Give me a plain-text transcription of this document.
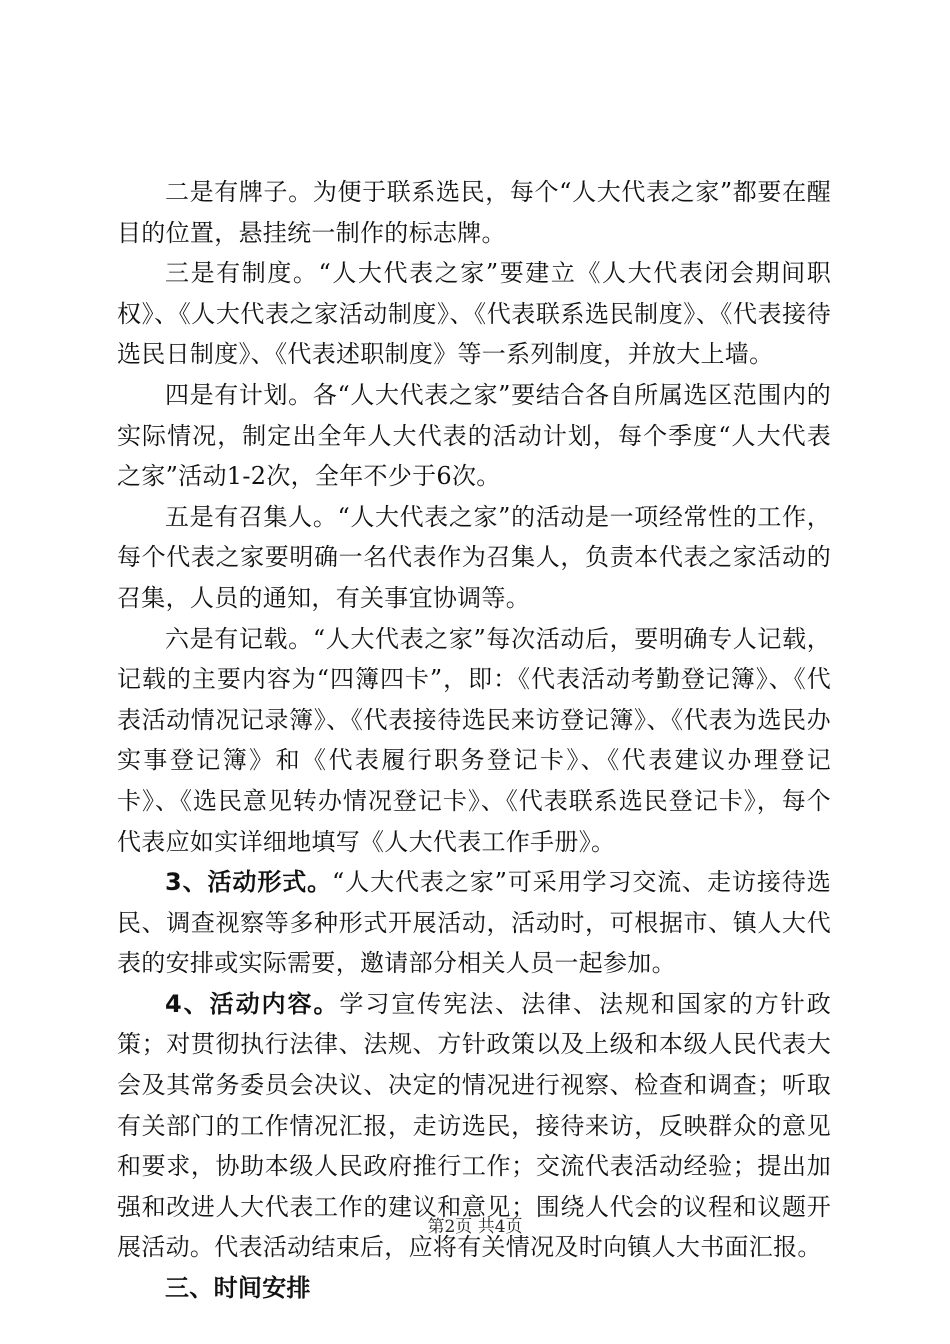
二是有牌子。为便于联系选民，每个“人大代表之家”都要在醒目的位置，悬挂统一制作的标志牌。

三是有制度。“人大代表之家”要建立《人大代表闭会期间职权》、《人大代表之家活动制度》、《代表联系选民制度》、《代表接待选民日制度》、《代表述职制度》等一系列制度，并放大上墙。

四是有计划。各“人大代表之家”要结合各自所属选区范围内的实际情况，制定出全年人大代表的活动计划，每个季度“人大代表之家”活动1-2次，全年不少于6次。

五是有召集人。“人大代表之家”的活动是一项经常性的工作，每个代表之家要明确一名代表作为召集人，负责本代表之家活动的召集，人员的通知，有关事宜协调等。

六是有记载。“人大代表之家”每次活动后，要明确专人记载，记载的主要内容为“四簿四卡”，即：《代表活动考勤登记簿》、《代表活动情况记录簿》、《代表接待选民来访登记簿》、《代表为选民办实事登记簿》和《代表履行职务登记卡》、《代表建议办理登记卡》、《选民意见转办情况登记卡》、《代表联系选民登记卡》，每个代表应如实详细地填写《人大代表工作手册》。

3、活动形式。“人大代表之家”可采用学习交流、走访接待选民、调查视察等多种形式开展活动，活动时，可根据市、镇人大代表的安排或实际需要，邀请部分相关人员一起参加。

4、活动内容。学习宣传宪法、法律、法规和国家的方针政策；对贯彻执行法律、法规、方针政策以及上级和本级人民代表大会及其常务委员会决议、决定的情况进行视察、检查和调查；听取有关部门的工作情况汇报，走访选民，接待来访，反映群众的意见和要求，协助本级人民政府推行工作；交流代表活动经验；提出加强和改进人大代表工作的建议和意见；围绕人代会的议程和议题开展活动。代表活动结束后，应将有关情况及时向镇人大书面汇报。

三、时间安排

第2页 共4页
